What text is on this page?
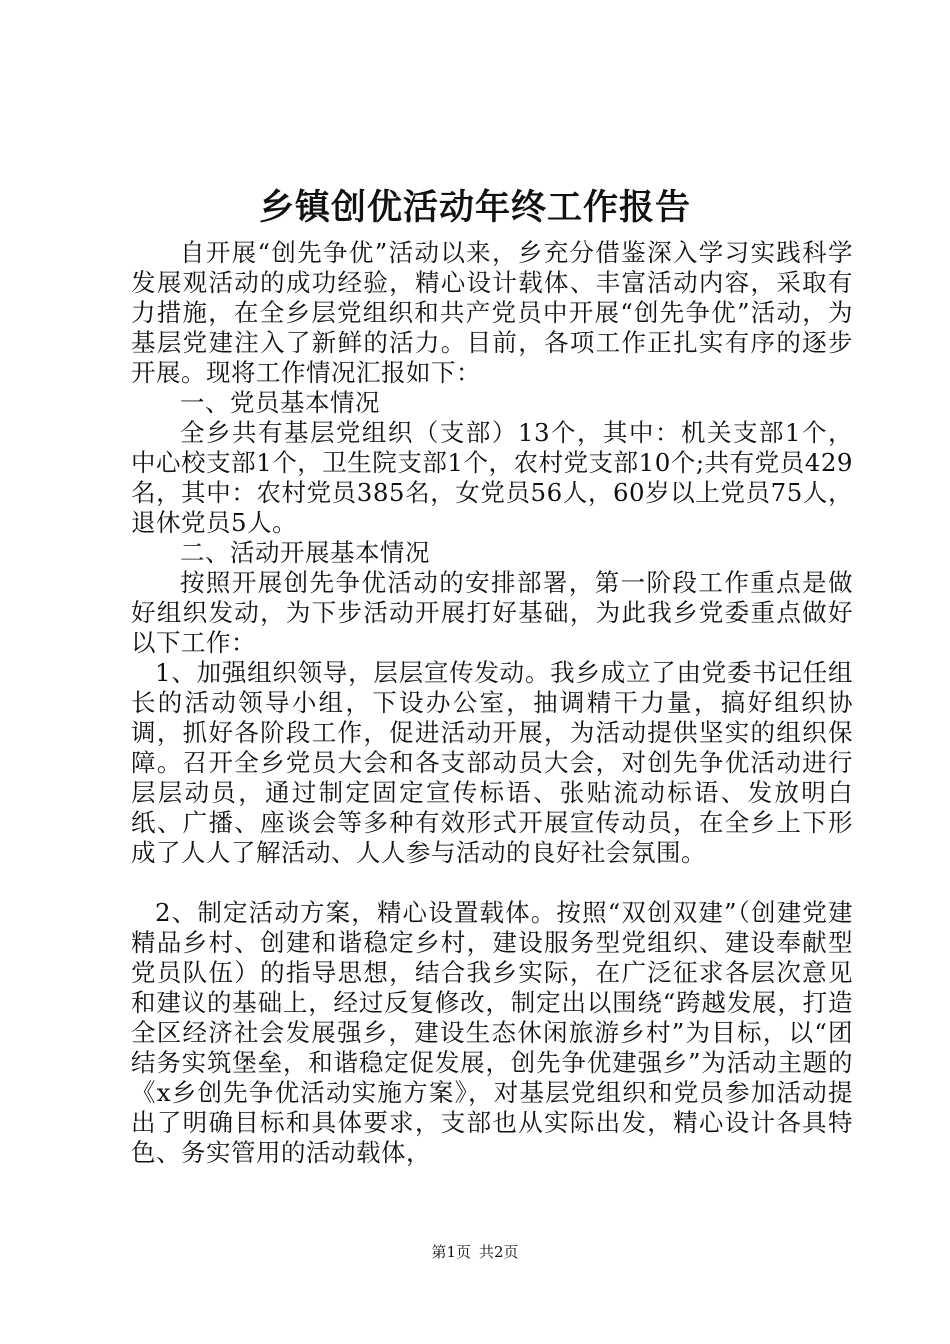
乡镇创优活动年终工作报告

自开展“创先争优”活动以来，乡充分借鉴深入学习实践科学发展观活动的成功经验，精心设计载体、丰富活动内容，采取有力措施，在全乡层党组织和共产党员中开展“创先争优”活动，为基层党建注入了新鲜的活力。目前，各项工作正扎实有序的逐步开展。现将工作情况汇报如下：

一、党员基本情况

全乡共有基层党组织（支部）13个，其中：机关支部1个，中心校支部1个，卫生院支部1个，农村党支部10个;共有党员429名，其中：农村党员385名，女党员56人，60岁以上党员75人，退休党员5人。

二、活动开展基本情况

按照开展创先争优活动的安排部署，第一阶段工作重点是做好组织发动，为下步活动开展打好基础，为此我乡党委重点做好以下工作：

1、加强组织领导，层层宣传发动。我乡成立了由党委书记任组长的活动领导小组，下设办公室，抽调精干力量，搞好组织协调，抓好各阶段工作，促进活动开展，为活动提供坚实的组织保障。召开全乡党员大会和各支部动员大会，对创先争优活动进行层层动员，通过制定固定宣传标语、张贴流动标语、发放明白纸、广播、座谈会等多种有效形式开展宣传动员，在全乡上下形成了人人了解活动、人人参与活动的良好社会氛围。

2、制定活动方案，精心设置载体。按照“双创双建”（创建党建精品乡村、创建和谐稳定乡村，建设服务型党组织、建设奉献型党员队伍）的指导思想，结合我乡实际，在广泛征求各层次意见和建议的基础上，经过反复修改，制定出以围绕“跨越发展，打造全区经济社会发展强乡，建设生态休闲旅游乡村”为目标，以“团结务实筑堡垒，和谐稳定促发展，创先争优建强乡”为活动主题的《x乡创先争优活动实施方案》，对基层党组织和党员参加活动提出了明确目标和具体要求，支部也从实际出发，精心设计各具特色、务实管用的活动载体，

第1页 共2页
